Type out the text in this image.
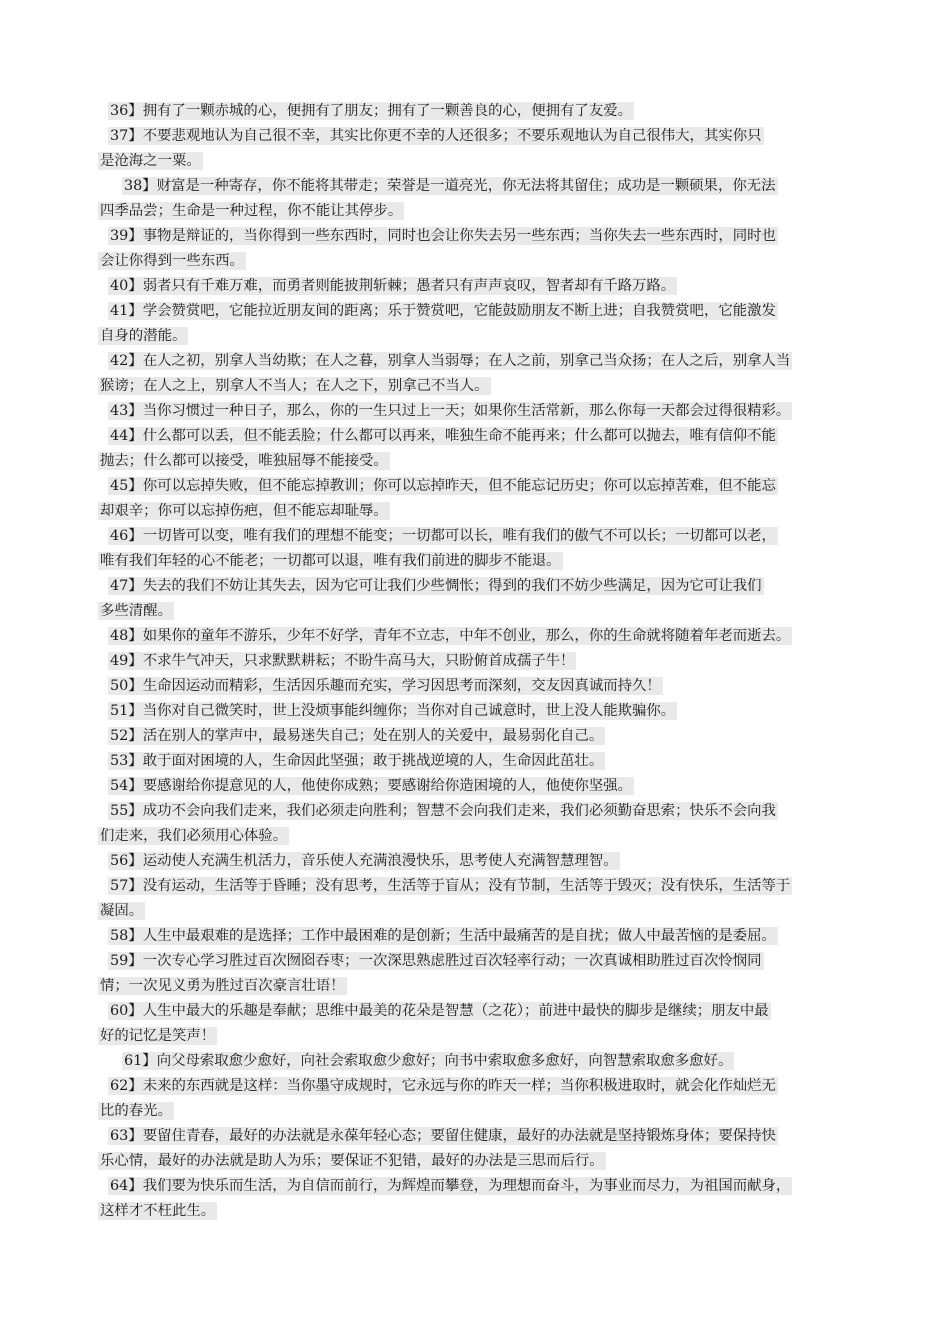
36】拥有了一颗赤城的心，便拥有了朋友；拥有了一颗善良的心，便拥有了友爱。
37】不要悲观地认为自己很不幸，其实比你更不幸的人还很多；不要乐观地认为自己很伟大，其实你只
是沧海之一粟。
38】财富是一种寄存，你不能将其带走；荣誉是一道亮光，你无法将其留住；成功是一颗硕果，你无法
四季品尝；生命是一种过程，你不能让其停步。
39】事物是辩证的，当你得到一些东西时，同时也会让你失去另一些东西；当你失去一些东西时，同时也
会让你得到一些东西。
40】弱者只有千难万难，而勇者则能披荆斩棘；愚者只有声声哀叹，智者却有千路万路。
41】学会赞赏吧，它能拉近朋友间的距离；乐于赞赏吧，它能鼓励朋友不断上进；自我赞赏吧，它能激发
自身的潜能。
42】在人之初，别拿人当幼欺；在人之暮，别拿人当弱辱；在人之前，别拿己当众扬；在人之后，别拿人当
猴谤；在人之上，别拿人不当人；在人之下，别拿己不当人。
43】当你习惯过一种日子，那么，你的一生只过上一天；如果你生活常新，那么你每一天都会过得很精彩。
44】什么都可以丢，但不能丢脸；什么都可以再来，唯独生命不能再来；什么都可以抛去，唯有信仰不能
抛去；什么都可以接受，唯独屈辱不能接受。
45】你可以忘掉失败，但不能忘掉教训；你可以忘掉昨天，但不能忘记历史；你可以忘掉苦难，但不能忘
却艰辛；你可以忘掉伤疤，但不能忘却耻辱。
46】一切皆可以变，唯有我们的理想不能变；一切都可以长，唯有我们的傲气不可以长；一切都可以老，
唯有我们年轻的心不能老；一切都可以退，唯有我们前进的脚步不能退。
47】失去的我们不妨让其失去，因为它可让我们少些惆怅；得到的我们不妨少些满足，因为它可让我们
多些清醒。
48】如果你的童年不游乐，少年不好学，青年不立志，中年不创业，那么，你的生命就将随着年老而逝去。
49】不求牛气冲天，只求默默耕耘；不盼牛高马大，只盼俯首成孺子牛！
50】生命因运动而精彩，生活因乐趣而充实，学习因思考而深刻，交友因真诚而持久！
51】当你对自己微笑时，世上没烦事能纠缠你；当你对自己诚意时，世上没人能欺骗你。
52】活在别人的掌声中，最易迷失自己；处在别人的关爱中，最易弱化自己。
53】敢于面对困境的人，生命因此坚强；敢于挑战逆境的人，生命因此茁壮。
54】要感谢给你提意见的人，他使你成熟；要感谢给你造困境的人，他使你坚强。
55】成功不会向我们走来，我们必须走向胜利；智慧不会向我们走来，我们必须勤奋思索；快乐不会向我
们走来，我们必须用心体验。
56】运动使人充满生机活力，音乐使人充满浪漫快乐，思考使人充满智慧理智。
57】没有运动，生活等于昏睡；没有思考，生活等于盲从；没有节制，生活等于毁灭；没有快乐，生活等于
凝固。
58】人生中最艰难的是选择；工作中最困难的是创新；生活中最痛苦的是自扰；做人中最苦恼的是委屈。
59】一次专心学习胜过百次囫囵吞枣；一次深思熟虑胜过百次轻率行动；一次真诚相助胜过百次怜悯同
情；一次见义勇为胜过百次豪言壮语！
60】人生中最大的乐趣是奉献；思维中最美的花朵是智慧（之花）；前进中最快的脚步是继续；朋友中最
好的记忆是笑声！
61】向父母索取愈少愈好，向社会索取愈少愈好；向书中索取愈多愈好，向智慧索取愈多愈好。
62】未来的东西就是这样：当你墨守成规时，它永远与你的昨天一样；当你积极进取时，就会化作灿烂无
比的春光。
63】要留住青春，最好的办法就是永葆年轻心态；要留住健康，最好的办法就是坚持锻炼身体；要保持快
乐心情，最好的办法就是助人为乐；要保证不犯错，最好的办法是三思而后行。
64】我们要为快乐而生活，为自信而前行，为辉煌而攀登，为理想而奋斗，为事业而尽力，为祖国而献身，
这样才不枉此生。
